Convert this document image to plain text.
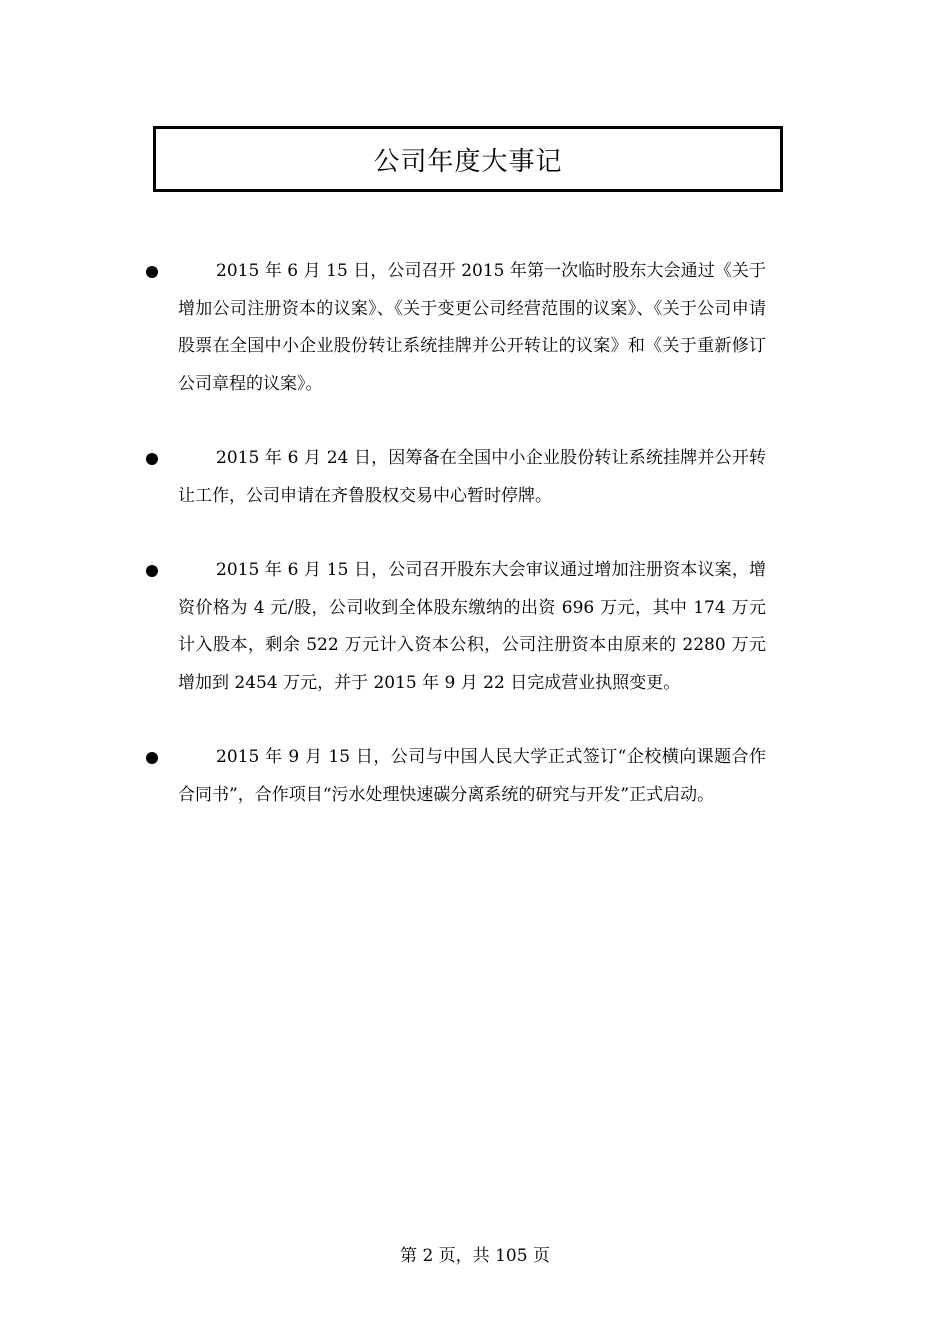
公司年度大事记
2015 年 6 月 15 日，公司召开 2015 年第一次临时股东大会通过《关于增加公司注册资本的议案》、《关于变更公司经营范围的议案》、《关于公司申请股票在全国中小企业股份转让系统挂牌并公开转让的议案》和《关于重新修订公司章程的议案》。
2015 年 6 月 24 日，因筹备在全国中小企业股份转让系统挂牌并公开转让工作，公司申请在齐鲁股权交易中心暂时停牌。
2015 年 6 月 15 日，公司召开股东大会审议通过增加注册资本议案，增资价格为 4 元/股，公司收到全体股东缴纳的出资 696 万元，其中 174 万元计入股本，剩余 522 万元计入资本公积，公司注册资本由原来的 2280 万元增加到 2454 万元，并于 2015 年 9 月 22 日完成营业执照变更。
2015 年 9 月 15 日，公司与中国人民大学正式签订“企校横向课题合作合同书”，合作项目“污水处理快速碳分离系统的研究与开发”正式启动。
第 2 页，共 105 页
